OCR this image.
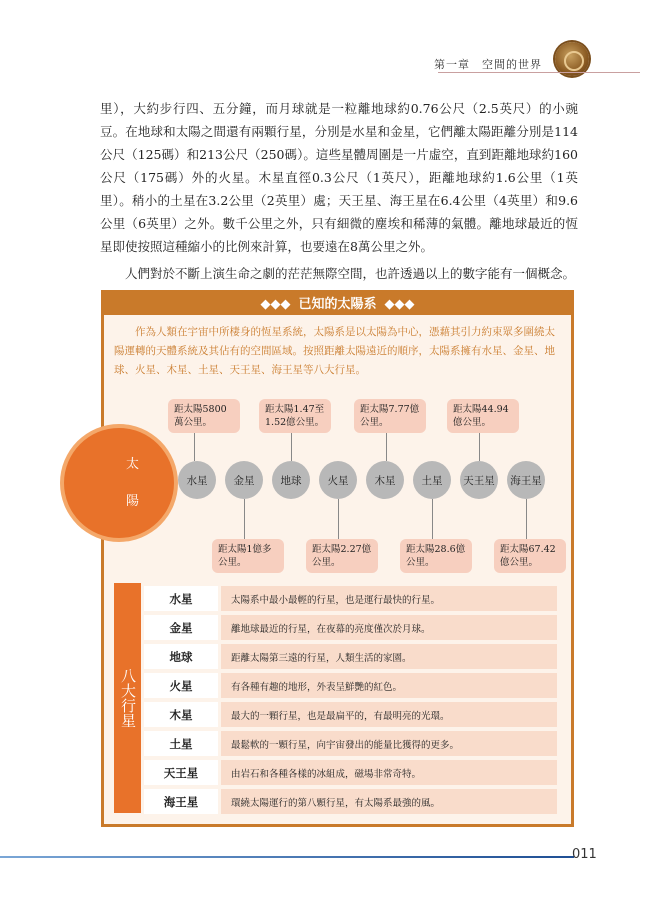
第一章　空間的世界

里），大約步行四、五分鐘，而月球就是一粒離地球約0.76公尺（2.5英尺）的小豌豆。在地球和太陽之間還有兩顆行星，分別是水星和金星，它們離太陽距離分別是114公尺（125碼）和213公尺（250碼）。這些星體周圍是一片虛空，直到距離地球約160公尺（175碼）外的火星。木星直徑0.3公尺（1英尺），距離地球約1.6公里（1英里）。稍小的土星在3.2公里（2英里）處；天王星、海王星在6.4公里（4英里）和9.6公里（6英里）之外。數千公里之外，只有細微的塵埃和稀薄的氣體。離地球最近的恆星即使按照這種縮小的比例來計算，也要遠在8萬公里之外。

人們對於不斷上演生命之劇的茫茫無際空間，也許透過以上的數字能有一個概念。

◆◆◆ 已知的太陽系 ◆◆◆
作為人類在宇宙中所棲身的恆星系統，太陽系是以太陽為中心，憑藉其引力約束眾多圍繞太陽運轉的天體系統及其佔有的空間區域。按照距離太陽遠近的順序，太陽系擁有水星、金星、地球、火星、木星、土星、天王星、海王星等八大行星。
太
陽
距太陽5800萬公里。
距太陽1.47至1.52億公里。
距太陽7.77億公里。
距太陽44.94億公里。
水星	金星	地球	火星	木星	土星	天王星	海王星
距太陽1億多公里。
距太陽2.27億公里。
距太陽28.6億公里。
距太陽67.42億公里。
八大行星
水星	太陽系中最小最輕的行星，也是運行最快的行星。
金星	離地球最近的行星，在夜幕的亮度僅次於月球。
地球	距離太陽第三遠的行星，人類生活的家園。
火星	有各種有趣的地形，外表呈鮮艷的紅色。
木星	最大的一顆行星，也是最扁平的，有最明亮的光環。
土星	最鬆軟的一顆行星，向宇宙發出的能量比獲得的更多。
天王星	由岩石和各種各樣的冰組成，磁場非常奇特。
海王星	環繞太陽運行的第八顆行星，有太陽系最強的風。
011
